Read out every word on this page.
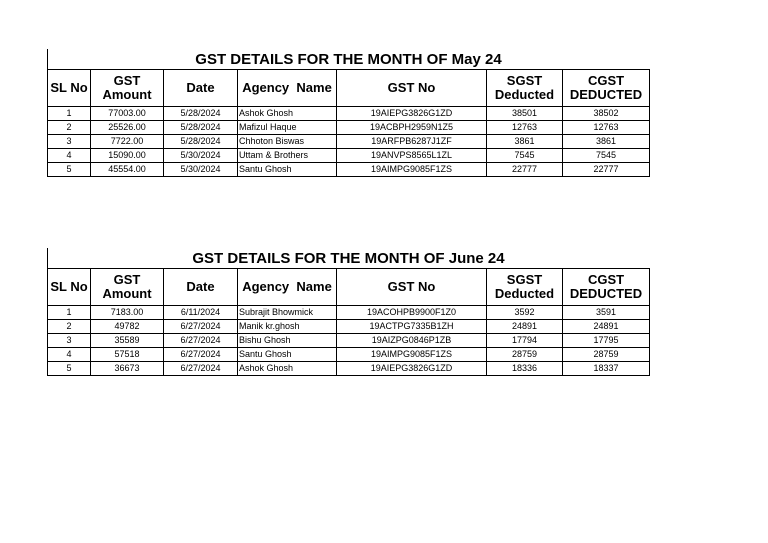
GST DETAILS FOR THE MONTH OF May 24
SL No	GST Amount	Date	Agency  Name	GST No	SGST Deducted	CGST DEDUCTED
1	77003.00	5/28/2024	Ashok Ghosh	19AIEPG3826G1ZD	38501	38502
2	25526.00	5/28/2024	Mafizul Haque	19ACBPH2959N1Z5	12763	12763
3	7722.00	5/28/2024	Chhoton Biswas	19ARFPB6287J1ZF	3861	3861
4	15090.00	5/30/2024	Uttam & Brothers	19ANVPS8565L1ZL	7545	7545
5	45554.00	5/30/2024	Santu Ghosh	19AIMPG9085F1ZS	22777	22777
GST DETAILS FOR THE MONTH OF June 24
SL No	GST Amount	Date	Agency  Name	GST No	SGST Deducted	CGST DEDUCTED
1	7183.00	6/11/2024	Subrajit Bhowmick	19ACOHPB9900F1Z0	3592	3591
2	49782	6/27/2024	Manik kr.ghosh	19ACTPG7335B1ZH	24891	24891
3	35589	6/27/2024	Bishu Ghosh	19AIZPG0846P1ZB	17794	17795
4	57518	6/27/2024	Santu Ghosh	19AIMPG9085F1ZS	28759	28759
5	36673	6/27/2024	Ashok Ghosh	19AIEPG3826G1ZD	18336	18337
